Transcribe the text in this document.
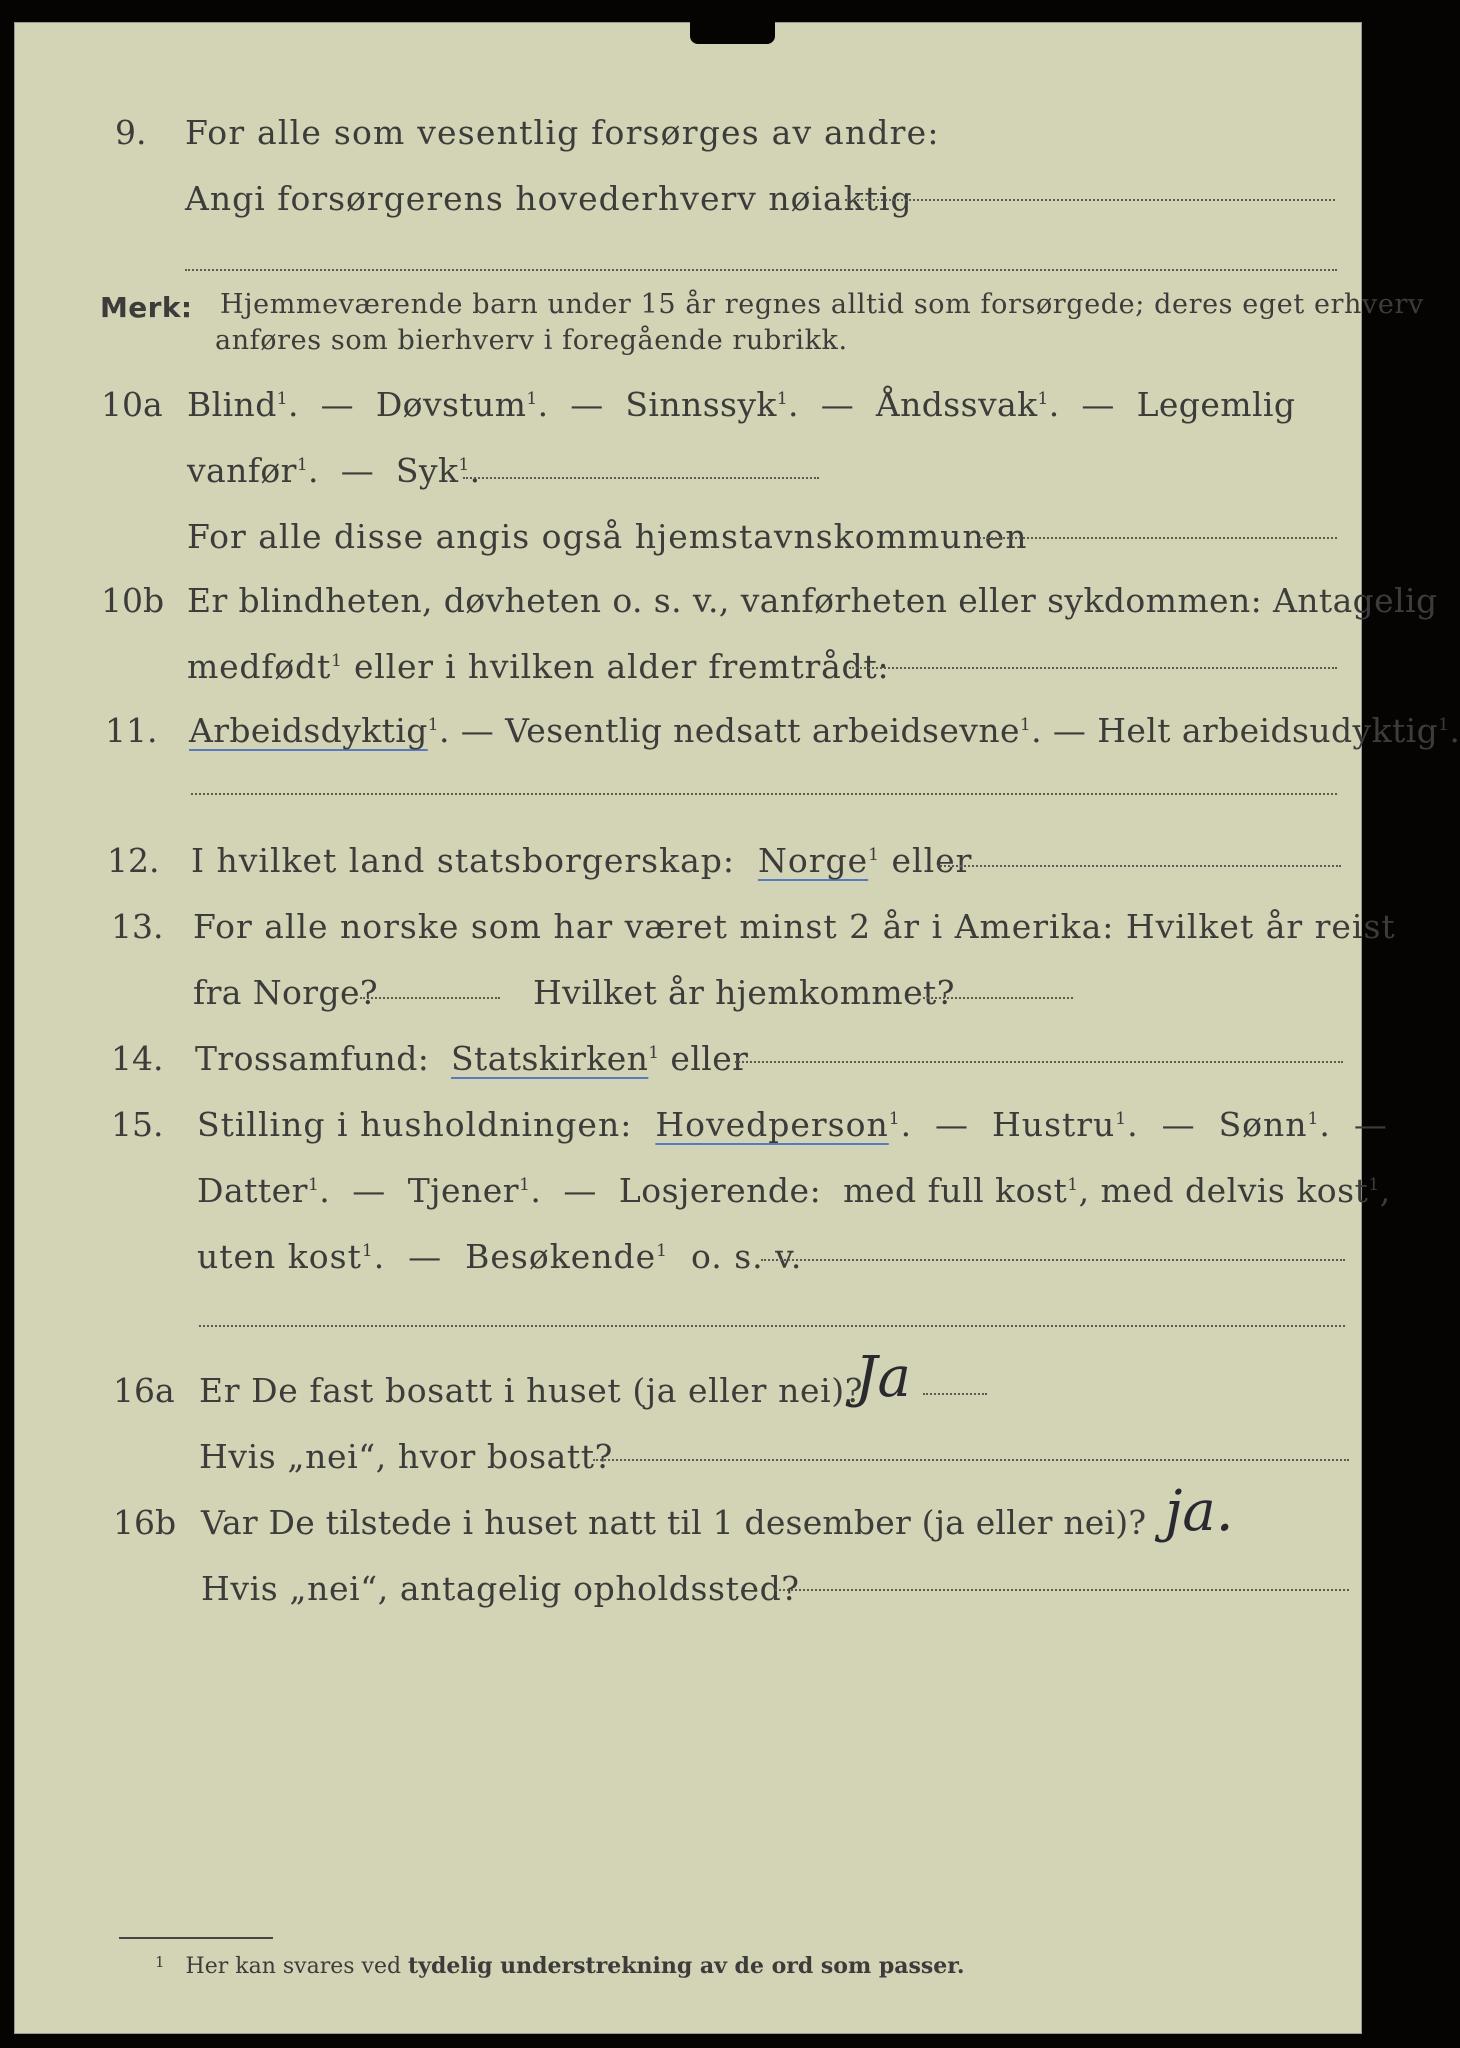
9. For alle som vesentlig forsørges av andre:
Angi forsørgerens hovederhverv nøiaktig
Merk: Hjemmeværende barn under 15 år regnes alltid som forsørgede; deres eget erhverv
anføres som bierhverv i foregående rubrikk.
10a Blind$^1$.  —  Døvstum$^1$.  —  Sinnssyk$^1$.  —  Åndssvak$^1$.  —  Legemlig
vanfør$^1$.  —  Syk$^1$.
For alle disse angis også hjemstavnskommunen
10b Er blindheten, døvheten o. s. v., vanførheten eller sykdommen: Antagelig
medfødt$^1$ eller i hvilken alder fremtrådt:
11. Arbeidsdyktig$^1$. — Vesentlig nedsatt arbeidsevne$^1$. — Helt arbeidsudyktig$^1$.
12. I hvilket land statsborgerskap: Norge$^1$ eller
13. For alle norske som har været minst 2 år i Amerika: Hvilket år reist
fra Norge?	Hvilket år hjemkommet?
14. Trossamfund: Statskirken$^1$ eller
15. Stilling i husholdningen: Hovedperson$^1$.  —  Hustru$^1$.  —  Sønn$^1$.  —
Datter$^1$.  —  Tjener$^1$.  —  Losjerende: med full kost$^1$, med delvis kost$^1$,
uten kost$^1$.  —  Besøkende$^1$ o. s. v.
16a Er De fast bosatt i huset (ja eller nei)?
Ja
Hvis „nei“, hvor bosatt?
16b Var De tilstede i huset natt til 1 desember (ja eller nei)? ja.
Hvis „nei“, antagelig opholdssted?
$^1$ Her kan svares ved tydelig understrekning av de ord som passer.
